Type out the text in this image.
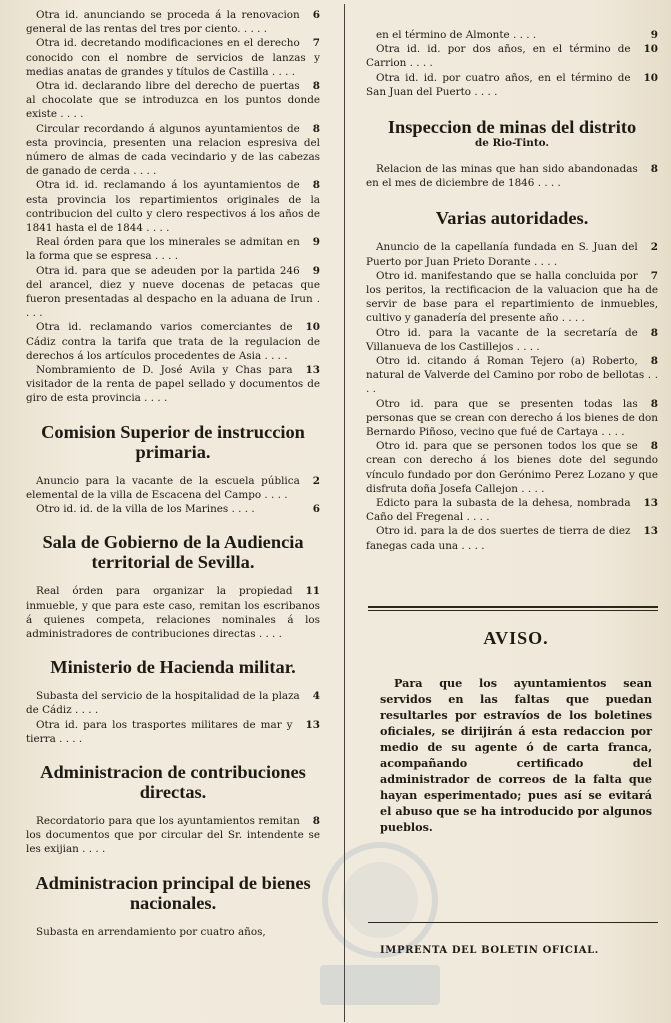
6
Otra id. anunciando se proceda á la renovacion general de las rentas del tres por ciento. . . . .

7
Otra id. decretando modificaciones en el derecho conocido con el nombre de servicios de lanzas y medias anatas de grandes y títulos de Castilla . . . .

8
Otra id. declarando libre del derecho de puertas al chocolate que se introduzca en los puntos donde existe . . . .

8
Circular recordando á algunos ayuntamientos de esta provincia, presenten una relacion espresiva del número de almas de cada vecindario y de las cabezas de ganado de cerda . . . .

8
Otra id. id. reclamando á los ayuntamientos de esta provincia los repartimientos originales de la contribucion del culto y clero respectivos á los años de 1841 hasta el de 1844 . . . .

9
Real órden para que los minerales se admitan en la forma que se espresa . . . .

9
Otra id. para que se adeuden por la partida 246 del arancel, diez y nueve docenas de petacas que fueron presentadas al despacho en la aduana de Irun . . . .

10
Otra id. reclamando varios comerciantes de Cádiz contra la tarifa que trata de la regulacion de derechos á los artículos procedentes de Asia . . . .

13
Nombramiento de D. José Avila y Chas para visitador de la renta de papel sellado y documentos de giro de esta provincia . . . .

Comision Superior de instruccion primaria.

2
Anuncio para la vacante de la escuela pública elemental de la villa de Escacena del Campo . . . .

6
Otro id. id. de la villa de los Marines . . . .

Sala de Gobierno de la Audiencia territorial de Sevilla.

11
Real órden para organizar la propiedad inmueble, y que para este caso, remitan los escribanos á quienes competa, relaciones nominales á los administradores de contribuciones directas . . . .

Ministerio de Hacienda militar.

4
Subasta del servicio de la hospitalidad de la plaza de Cádiz . . . .

13
Otra id. para los trasportes militares de mar y tierra . . . .

Administracion de contribuciones directas.

8
Recordatorio para que los ayuntamientos remitan los documentos que por circular del Sr. intendente se les exijian . . . .

Administracion principal de bienes nacionales.

Subasta en arrendamiento por cuatro años,

9
en el término de Almonte . . . .

10
Otra id. id. por dos años, en el término de Carrion . . . .

10
Otra id. id. por cuatro años, en el término de San Juan del Puerto . . . .

Inspeccion de minas del distrito
de Rio-Tinto.

8
Relacion de las minas que han sido abandonadas en el mes de diciembre de 1846 . . . .

Varias autoridades.

2
Anuncio de la capellanía fundada en S. Juan del Puerto por Juan Prieto Dorante . . . .

7
Otro id. manifestando que se halla concluida por los peritos, la rectificacion de la valuacion que ha de servir de base para el repartimiento de inmuebles, cultivo y ganadería del presente año . . . .

8
Otro id. para la vacante de la secretaría de Villanueva de los Castillejos . . . .

8
Otro id. citando á Roman Tejero (a) Roberto, natural de Valverde del Camino por robo de bellotas . . . .

8
Otro id. para que se presenten todas las personas que se crean con derecho á los bienes de don Bernardo Piñoso, vecino que fué de Cartaya . . . .

8
Otro id. para que se personen todos los que se crean con derecho á los bienes dote del segundo vínculo fundado por don Gerónimo Perez Lozano y que disfruta doña Josefa Callejon . . . .

13
Edicto para la subasta de la dehesa, nombrada Caño del Fregenal . . . .

13
Otro id. para la de dos suertes de tierra de diez fanegas cada una . . . .

AVISO.
Para que los ayuntamientos sean servidos en las faltas que puedan resultarles por estravíos de los boletines oficiales, se dirijirán á esta redaccion por medio de su agente ó de carta franca, acompañando certificado del administrador de correos de la falta que hayan esperimentado; pues así se evitará el abuso que se ha introducido por algunos pueblos.
IMPRENTA DEL BOLETIN OFICIAL.
